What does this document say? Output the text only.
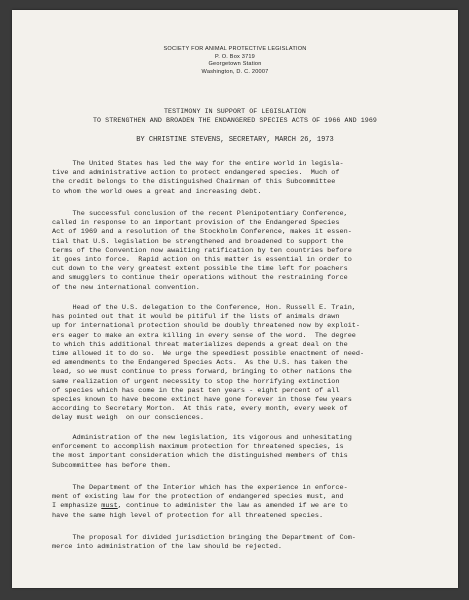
SOCIETY FOR ANIMAL PROTECTIVE LEGISLATION
P. O. Box 3719
Georgetown Station
Washington, D. C. 20007
TESTIMONY IN SUPPORT OF LEGISLATION
TO STRENGTHEN AND BROADEN THE ENDANGERED SPECIES ACTS OF 1966 AND 1969
BY CHRISTINE STEVENS, SECRETARY, MARCH 26, 1973
The United States has led the way for the entire world in legisla-
tive and administrative action to protect endangered species.  Much of
the credit belongs to the distinguished Chairman of this Subcommittee
to whom the world owes a great and increasing debt.
The successful conclusion of the recent Plenipotentiary Conference,
called in response to an important provision of the Endangered Species
Act of 1969 and a resolution of the Stockholm Conference, makes it essen-
tial that U.S. legislation be strengthened and broadened to support the
terms of the Convention now awaiting ratification by ten countries before
it goes into force.  Rapid action on this matter is essential in order to
cut down to the very greatest extent possible the time left for poachers
and smugglers to continue their operations without the restraining force
of the new international convention.
Head of the U.S. delegation to the Conference, Hon. Russell E. Train,
has pointed out that it would be pitiful if the lists of animals drawn
up for international protection should be doubly threatened now by exploit-
ers eager to make an extra killing in every sense of the word.  The degree
to which this additional threat materializes depends a great deal on the
time allowed it to do so.  We urge the speediest possible enactment of need-
ed amendments to the Endangered Species Acts.  As the U.S. has taken the
lead, so we must continue to press forward, bringing to other nations the
same realization of urgent necessity to stop the horrifying extinction
of species which has come in the past ten years - eight percent of all
species known to have become extinct have gone forever in those few years
according to Secretary Morton.  At this rate, every month, every week of
delay must weigh  on our consciences.
Administration of the new legislation, its vigorous and unhesitating
enforcement to accomplish maximum protection for threatened species, is
the most important consideration which the distinguished members of this
Subcommittee has before them.
The Department of the Interior which has the experience in enforce-
ment of existing law for the protection of endangered species must, and
I emphasize must, continue to administer the law as amended if we are to
have the same high level of protection for all threatened species.
The proposal for divided jurisdiction bringing the Department of Com-
merce into administration of the law should be rejected.
